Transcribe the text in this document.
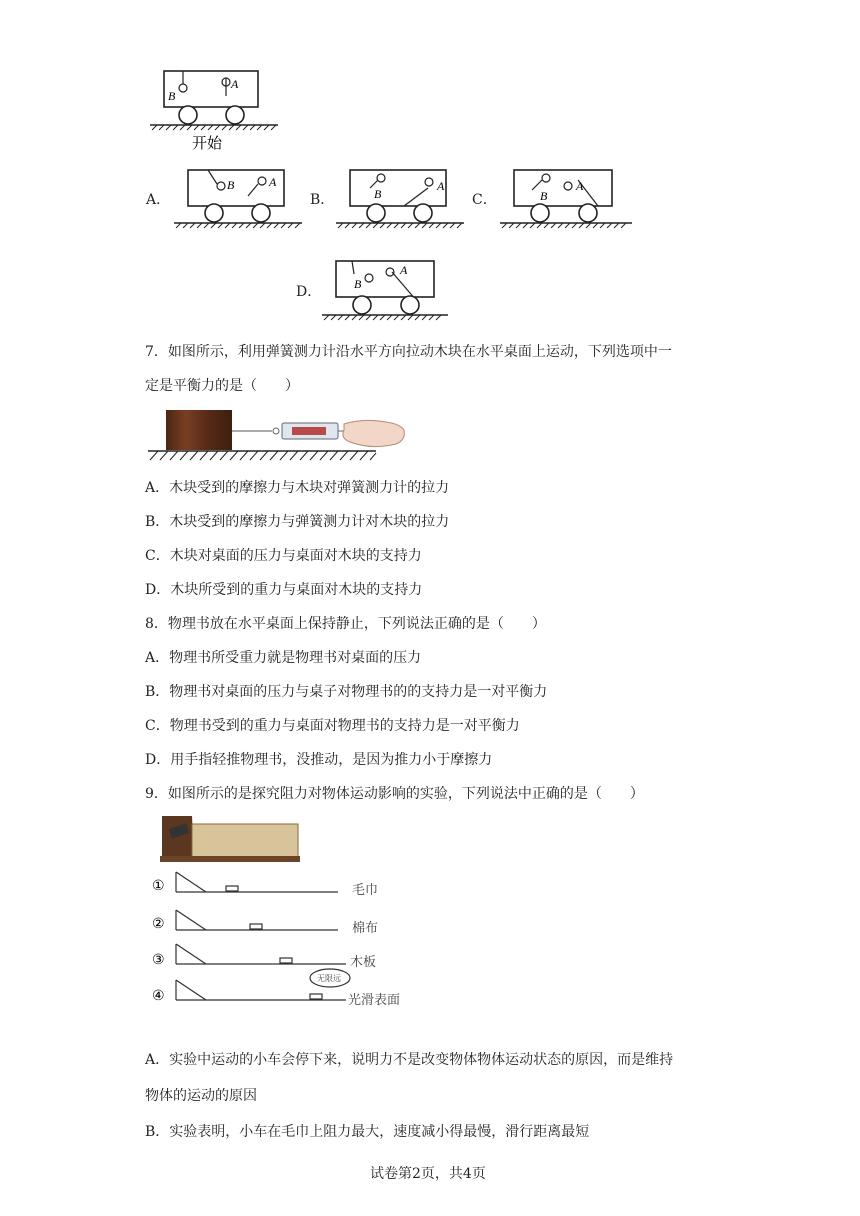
B
A
开始
A．
B	A
B．	B
A
C．	B
A
D．	B
A
7．如图所示，利用弹簧测力计沿水平方向拉动木块在水平桌面上运动，下列选项中一
定是平衡力的是（　　）
A．木块受到的摩擦力与木块对弹簧测力计的拉力
B．木块受到的摩擦力与弹簧测力计对木块的拉力
C．木块对桌面的压力与桌面对木块的支持力
D．木块所受到的重力与桌面对木块的支持力
8．物理书放在水平桌面上保持静止，下列说法正确的是（　　）
A．物理书所受重力就是物理书对桌面的压力
B．物理书对桌面的压力与桌子对物理书的的支持力是一对平衡力
C．物理书受到的重力与桌面对物理书的支持力是一对平衡力
D．用手指轻推物理书，没推动，是因为推力小于摩擦力
9．如图所示的是探究阻力对物体运动影响的实验，下列说法中正确的是（　　）
①
②
③
④
毛巾
棉布
木板
光滑表面
无限远
A．实验中运动的小车会停下来，说明力不是改变物体物体运动状态的原因，而是维持
物体的运动的原因
B．实验表明，小车在毛巾上阻力最大，速度减小得最慢，滑行距离最短
试卷第2页，共4页
